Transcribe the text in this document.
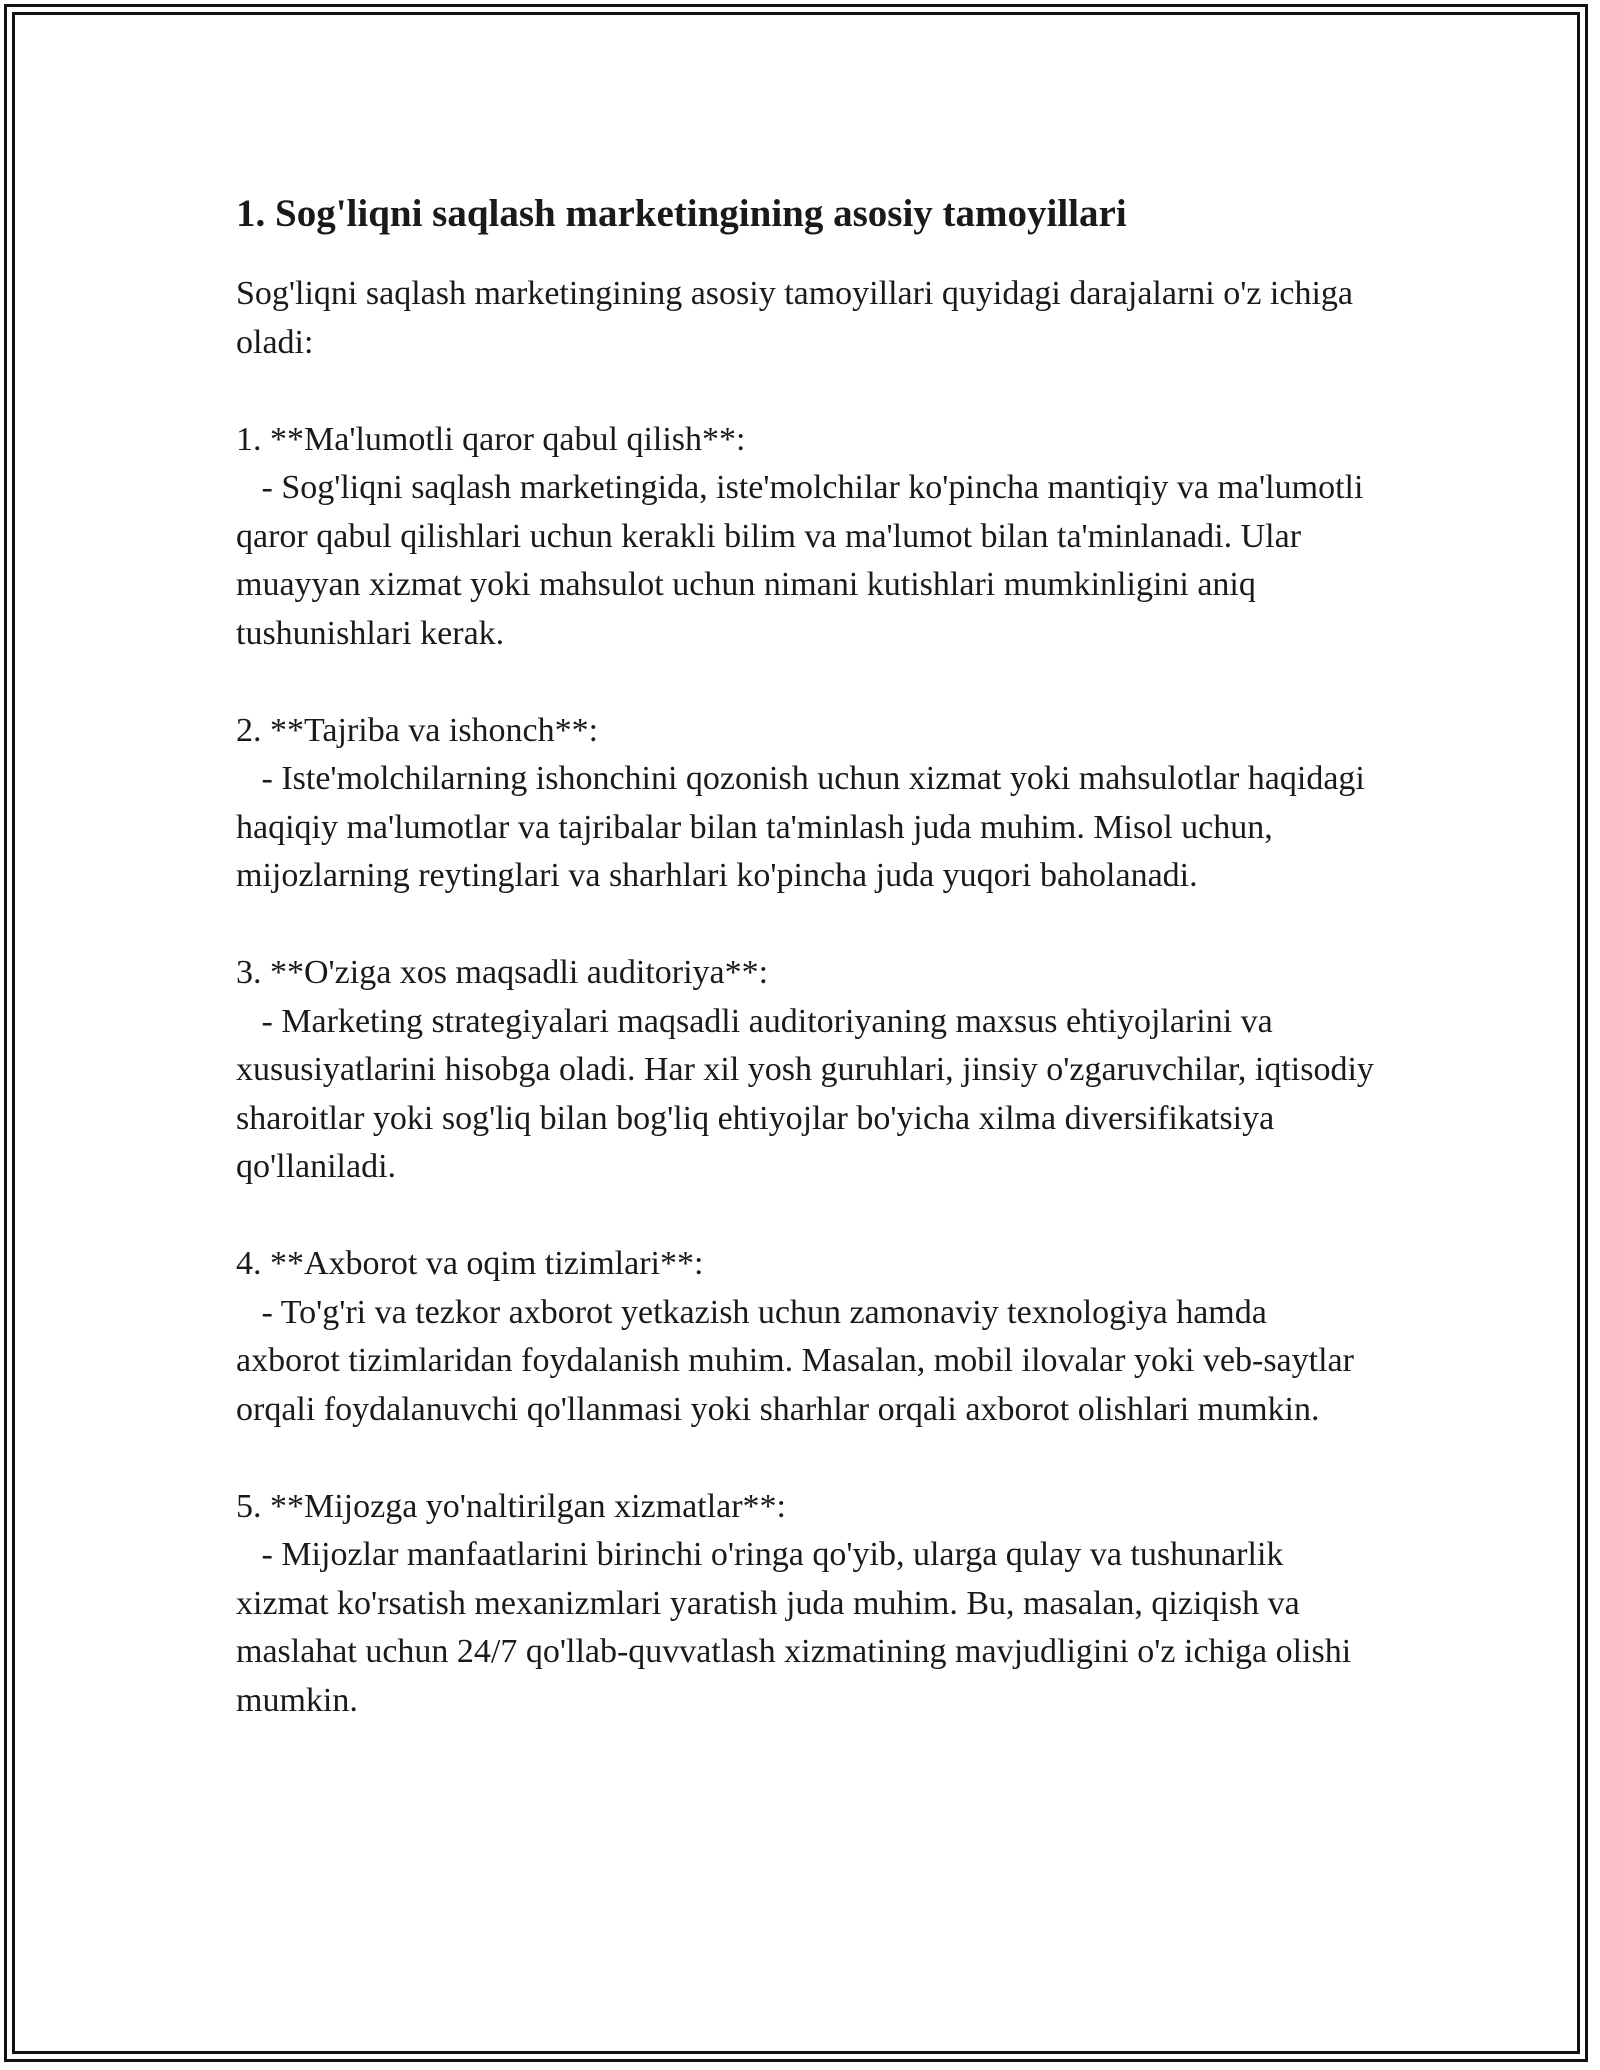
1. Sog'liqni saqlash marketingining asosiy tamoyillari

Sog'liqni saqlash marketingining asosiy tamoyillari quyidagi darajalarni o'z ichiga oladi:

1. **Ma'lumotli qaror qabul qilish**:

- Sog'liqni saqlash marketingida, iste'molchilar ko'pincha mantiqiy va ma'lumotli qaror qabul qilishlari uchun kerakli bilim va ma'lumot bilan ta'minlanadi. Ular muayyan xizmat yoki mahsulot uchun nimani kutishlari mumkinligini aniq tushunishlari kerak.

2. **Tajriba va ishonch**:

- Iste'molchilarning ishonchini qozonish uchun xizmat yoki mahsulotlar haqidagi haqiqiy ma'lumotlar va tajribalar bilan ta'minlash juda muhim. Misol uchun, mijozlarning reytinglari va sharhlari ko'pincha juda yuqori baholanadi.

3. **O'ziga xos maqsadli auditoriya**:

- Marketing strategiyalari maqsadli auditoriyaning maxsus ehtiyojlarini va xususiyatlarini hisobga oladi. Har xil yosh guruhlari, jinsiy o'zgaruvchilar, iqtisodiy sharoitlar yoki sog'liq bilan bog'liq ehtiyojlar bo'yicha xilma diversifikatsiya qo'llaniladi.

4. **Axborot va oqim tizimlari**:

- To'g'ri va tezkor axborot yetkazish uchun zamonaviy texnologiya hamda axborot tizimlaridan foydalanish muhim. Masalan, mobil ilovalar yoki veb-saytlar orqali foydalanuvchi qo'llanmasi yoki sharhlar orqali axborot olishlari mumkin.

5. **Mijozga yo'naltirilgan xizmatlar**:

- Mijozlar manfaatlarini birinchi o'ringa qo'yib, ularga qulay va tushunarlik xizmat ko'rsatish mexanizmlari yaratish juda muhim. Bu, masalan, qiziqish va maslahat uchun 24/7 qo'llab-quvvatlash xizmatining mavjudligini o'z ichiga olishi mumkin.
